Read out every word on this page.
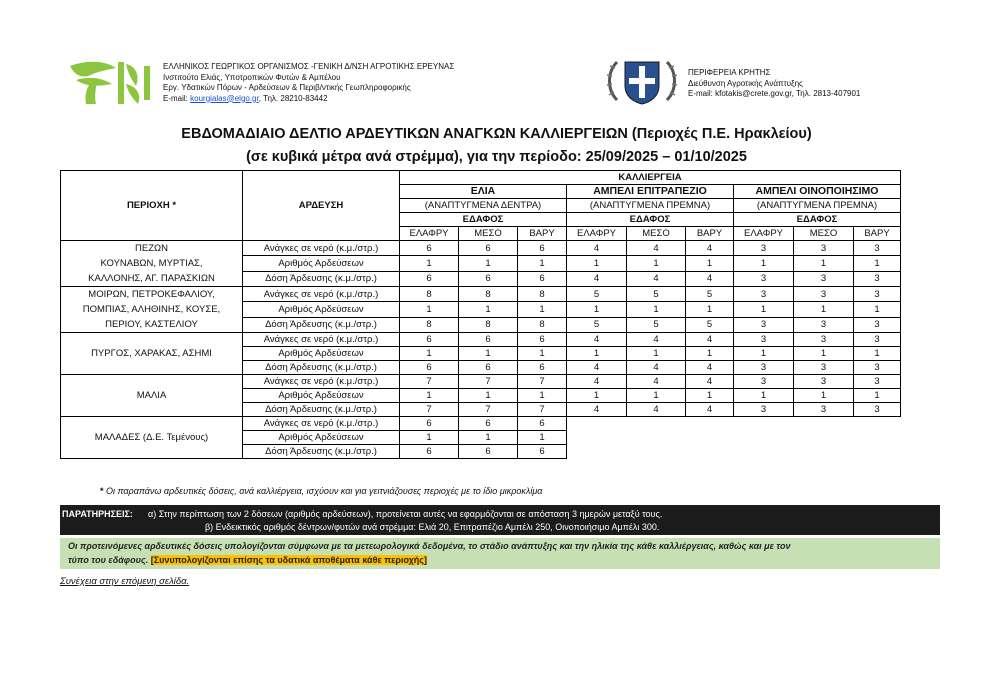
ΕΛΛΗΝΙΚΟΣ ΓΕΩΡΓΙΚΟΣ ΟΡΓΑΝΙΣΜΟΣ -ΓΕΝΙΚΗ Δ/ΝΣΗ ΑΓΡΟΤΙΚΗΣ ΕΡΕΥΝΑΣ
Ινστιτούτο Ελιάς, Υποτροπικών Φυτών & Αμπέλου
Εργ. Υδατικών Πόρων - Αρδεύσεων & Περιβ/ντικής Γεωπληροφορικής
E-mail: kourgialas@elgo.gr, Τηλ. 28210-83442
ΠΕΡΙΦΕΡΕΙΑ ΚΡΗΤΗΣ
Διεύθυνση Αγροτικής Ανάπτυξης
E-mail: kfotakis@crete.gov.gr, Τηλ. 2813-407901
ΕΒΔΟΜΑΔΙΑΙΟ ΔΕΛΤΙΟ ΑΡΔΕΥΤΙΚΩΝ ΑΝΑΓΚΩΝ ΚΑΛΛΙΕΡΓΕΙΩΝ (Περιοχές Π.Ε. Ηρακλείου)
(σε κυβικά μέτρα ανά στρέμμα), για την περίοδο: 25/09/2025 – 01/10/2025
ΠΕΡΙΟΧΗ *	ΑΡΔΕΥΣΗ	ΚΑΛΛΙΕΡΓΕΙΑ								
		ΕΛΙΑ			ΑΜΠΕΛΙ ΕΠΙΤΡΑΠΕΖΙΟ			ΑΜΠΕΛΙ ΟΙΝΟΠΟΙΗΣΙΜΟ		
		(ΑΝΑΠΤΥΓΜΕΝΑ ΔΕΝΤΡΑ)			(ΑΝΑΠΤΥΓΜΕΝΑ ΠΡΕΜΝΑ)			(ΑΝΑΠΤΥΓΜΕΝΑ ΠΡΕΜΝΑ)		
		ΕΔΑΦΟΣ			ΕΔΑΦΟΣ			ΕΔΑΦΟΣ		
		ΕΛΑΦΡΥ	ΜΕΣΟ	ΒΑΡΥ	ΕΛΑΦΡΥ	ΜΕΣΟ	ΒΑΡΥ	ΕΛΑΦΡΥ	ΜΕΣΟ	ΒΑΡΥ

ΠΕΖΩΝ
ΚΟΥΝΑΒΩΝ, ΜΥΡΤΙΑΣ,
ΚΑΛΛΟΝΗΣ, ΑΓ. ΠΑΡΑΣΚΙΩΝ	Ανάγκες σε νερό (κ.μ./στρ.)	6	6	6	4	4	4	3	3	3
	Αριθμός Αρδεύσεων	1	1	1	1	1	1	1	1	1
	Δόση Άρδευσης (κ.μ./στρ.)	6	6	6	4	4	4	3	3	3

ΜΟΙΡΩΝ, ΠΕΤΡΟΚΕΦΑΛΙΟΥ,
ΠΟΜΠΙΑΣ, ΑΛΗΘΙΝΗΣ, ΚΟΥΣΕ,
ΠΕΡΙΟΥ, ΚΑΣΤΕΛΙΟΥ	Ανάγκες σε νερό (κ.μ./στρ.)	8	8	8	5	5	5	3	3	3
	Αριθμός Αρδεύσεων	1	1	1	1	1	1	1	1	1
	Δόση Άρδευσης (κ.μ./στρ.)	8	8	8	5	5	5	3	3	3

ΠΥΡΓΟΣ, ΧΑΡΑΚΑΣ, ΑΣΗΜΙ	Ανάγκες σε νερό (κ.μ./στρ.)	6	6	6	4	4	4	3	3	3
	Αριθμός Αρδεύσεων	1	1	1	1	1	1	1	1	1
	Δόση Άρδευσης (κ.μ./στρ.)	6	6	6	4	4	4	3	3	3

ΜΑΛΙΑ	Ανάγκες σε νερό (κ.μ./στρ.)	7	7	7	4	4	4	3	3	3
	Αριθμός Αρδεύσεων	1	1	1	1	1	1	1	1	1
	Δόση Άρδευσης (κ.μ./στρ.)	7	7	7	4	4	4	3	3	3

ΜΑΛΑΔΕΣ (Δ.Ε. Τεμένους)	Ανάγκες σε νερό (κ.μ./στρ.)	6	6	6						
	Αριθμός Αρδεύσεων	1	1	1						
	Δόση Άρδευσης (κ.μ./στρ.)	6	6	6						
* Οι παραπάνω αρδευτικές δόσεις, ανά καλλιέργεια, ισχύουν και για γειτνιάζουσες περιοχές με το ίδιο μικροκλίμα
ΠΑΡΑΤΗΡΗΣΕΙΣ: α) Στην περίπτωση των 2 δόσεων (αριθμός αρδεύσεων), προτείνεται αυτές να εφαρμόζονται σε απόσταση 3 ημερών μεταξύ τους.
β) Ενδεικτικός αριθμός δέντρων/φυτών ανά στρέμμα: Ελιά 20, Επιτραπέζιο Αμπέλι 250, Οινοποιήσιμο Αμπέλι 300.
Οι προτεινόμενες αρδευτικές δόσεις υπολογίζονται σύμφωνα με τα μετεωρολογικά δεδομένα, το στάδιο ανάπτυξης και την ηλικία της κάθε καλλιέργειας, καθώς και με τον
τύπο του εδάφους. [Συνυπολογίζονται επίσης τα υδατικά αποθέματα κάθε περιοχής]
Συνέχεια στην επόμενη σελίδα.
